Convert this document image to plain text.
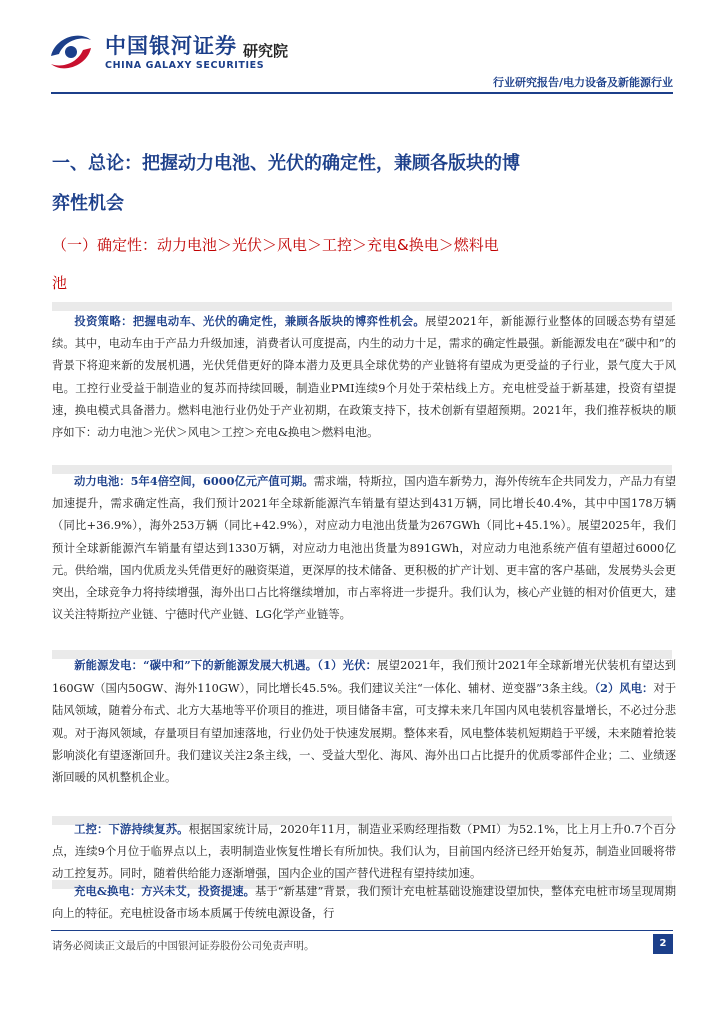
中国银河证券
CHINA GALAXY SECURITIES
研究院
行业研究报告/电力设备及新能源行业
一、总论：把握动力电池、光伏的确定性，兼顾各版块的博
弈性机会
（一）确定性：动力电池＞光伏＞风电＞工控＞充电&换电＞燃料电
池
投资策略：把握电动车、光伏的确定性，兼顾各版块的博弈性机会。展望2021年，新能源行业整体的回暖态势有望延续。其中，电动车由于产品力升级加速，消费者认可度提高，内生的动力十足，需求的确定性最强。新能源发电在“碳中和”的背景下将迎来新的发展机遇，光伏凭借更好的降本潜力及更具全球优势的产业链将有望成为更受益的子行业，景气度大于风电。工控行业受益于制造业的复苏而持续回暖，制造业PMI连续9个月处于荣枯线上方。充电桩受益于新基建，投资有望提速，换电模式具备潜力。燃料电池行业仍处于产业初期，在政策支持下，技术创新有望超预期。2021年，我们推荐板块的顺序如下：动力电池＞光伏＞风电＞工控＞充电&换电＞燃料电池。
动力电池：5年4倍空间，6000亿元产值可期。需求端，特斯拉，国内造车新势力，海外传统车企共同发力，产品力有望加速提升，需求确定性高，我们预计2021年全球新能源汽车销量有望达到431万辆，同比增长40.4%，其中中国178万辆（同比+36.9%），海外253万辆（同比+42.9%），对应动力电池出货量为267GWh（同比+45.1%）。展望2025年，我们预计全球新能源汽车销量有望达到1330万辆，对应动力电池出货量为891GWh，对应动力电池系统产值有望超过6000亿元。供给端，国内优质龙头凭借更好的融资渠道，更深厚的技术储备、更积极的扩产计划、更丰富的客户基础，发展势头会更突出，全球竞争力将持续增强，海外出口占比将继续增加，市占率将进一步提升。我们认为，核心产业链的相对价值更大，建议关注特斯拉产业链、宁德时代产业链、LG化学产业链等。
新能源发电：“碳中和”下的新能源发展大机遇。（1）光伏：展望2021年，我们预计2021年全球新增光伏装机有望达到160GW（国内50GW、海外110GW），同比增长45.5%。我们建议关注“一体化、辅材、逆变器”3条主线。（2）风电：对于陆风领域，随着分布式、北方大基地等平价项目的推进，项目储备丰富，可支撑未来几年国内风电装机容量增长，不必过分悲观。对于海风领域，存量项目有望加速落地，行业仍处于快速发展期。整体来看，风电整体装机短期趋于平缓，未来随着抢装影响淡化有望逐渐回升。我们建议关注2条主线，一、受益大型化、海风、海外出口占比提升的优质零部件企业；二、业绩逐渐回暖的风机整机企业。
工控：下游持续复苏。根据国家统计局，2020年11月，制造业采购经理指数（PMI）为52.1%，比上月上升0.7个百分点，连续9个月位于临界点以上，表明制造业恢复性增长有所加快。我们认为，目前国内经济已经开始复苏，制造业回暖将带动工控复苏。同时，随着供给能力逐渐增强，国内企业的国产替代进程有望持续加速。
充电&换电：方兴未艾，投资提速。基于“新基建”背景，我们预计充电桩基础设施建设望加快，整体充电桩市场呈现周期向上的特征。充电桩设备市场本质属于传统电源设备，行
请务必阅读正文最后的中国银河证券股份公司免责声明。	2
